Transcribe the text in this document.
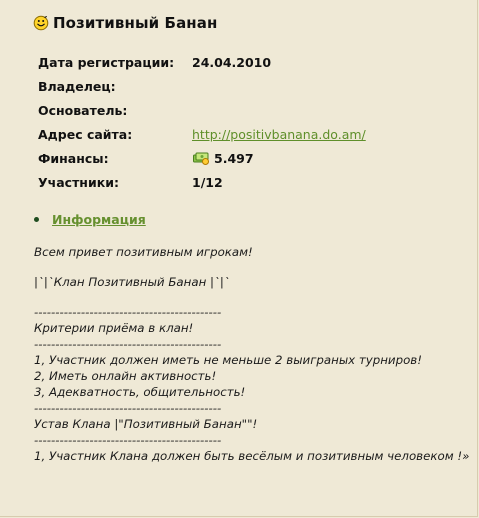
Позитивный Банан
Дата регистрации:	24.04.2010
Владелец:
Основатель:
Адрес сайта:	http://positivbanana.do.am/
Финансы:	5.497
Участники:	1/12
Информация
Всем привет позитивным игрокам!
|`|`Клан Позитивный Банан |`|`
--------------------------------------------
Критерии приёма в клан!
--------------------------------------------
1, Участник должен иметь не меньше 2 выиграных турниров!
2, Иметь онлайн активность!
3, Адекватность, общительность!
--------------------------------------------
Устав Клана |"Позитивный Банан""!
--------------------------------------------
1, Участник Клана должен быть весёлым и позитивным человеком !»
